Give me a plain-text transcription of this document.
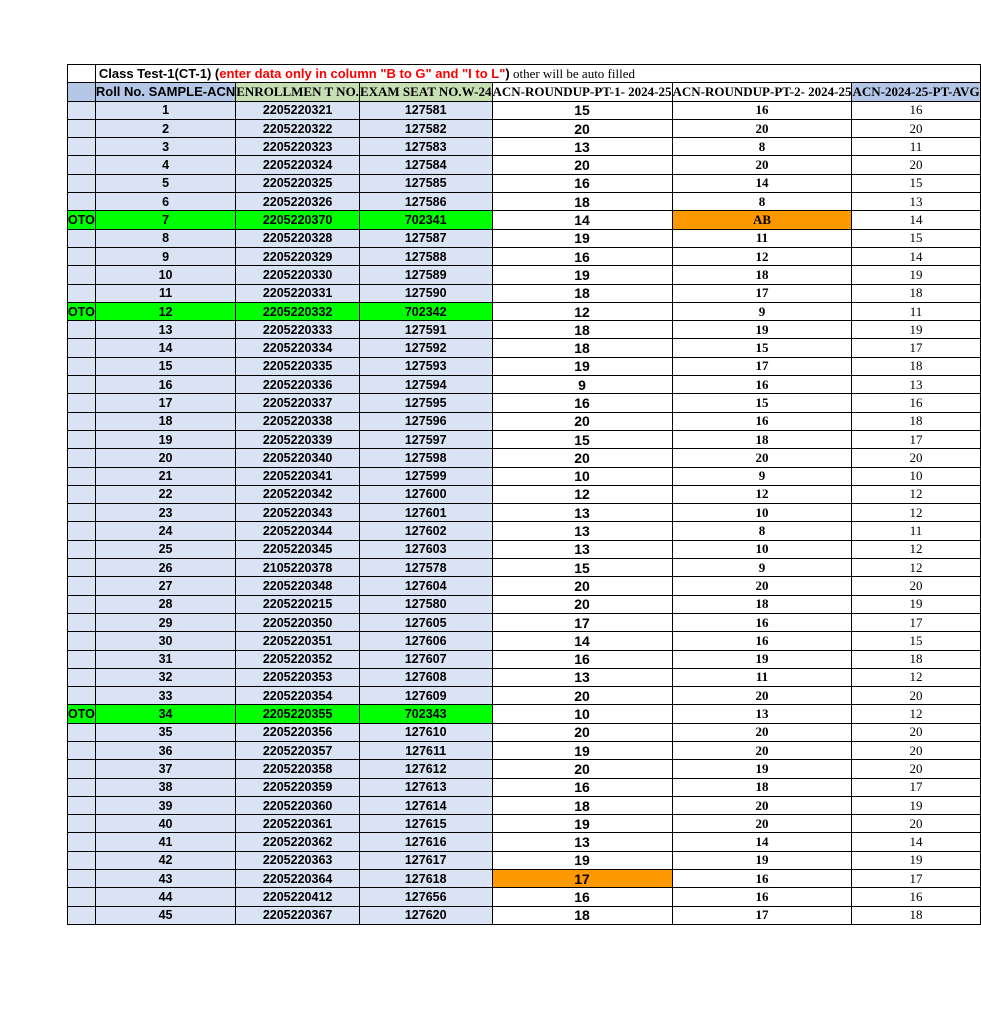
	Class Test-1(CT-1) (enter data only in column "B to G" and "I to L") other will be auto filled					
	Roll No. SAMPLE-ACN	ENROLLMEN T NO.	EXAM SEAT NO.W-24	ACN-ROUNDUP-PT-1- 2024-25	ACN-ROUNDUP-PT-2- 2024-25	ACN-2024-25-PT-AVG
	1	2205220321	127581	15	16	16
	2	2205220322	127582	20	20	20
	3	2205220323	127583	13	8	11
	4	2205220324	127584	20	20	20
	5	2205220325	127585	16	14	15
	6	2205220326	127586	18	8	13
OTO	7	2205220370	702341	14	AB	14
	8	2205220328	127587	19	11	15
	9	2205220329	127588	16	12	14
	10	2205220330	127589	19	18	19
	11	2205220331	127590	18	17	18
OTO	12	2205220332	702342	12	9	11
	13	2205220333	127591	18	19	19
	14	2205220334	127592	18	15	17
	15	2205220335	127593	19	17	18
	16	2205220336	127594	9	16	13
	17	2205220337	127595	16	15	16
	18	2205220338	127596	20	16	18
	19	2205220339	127597	15	18	17
	20	2205220340	127598	20	20	20
	21	2205220341	127599	10	9	10
	22	2205220342	127600	12	12	12
	23	2205220343	127601	13	10	12
	24	2205220344	127602	13	8	11
	25	2205220345	127603	13	10	12
	26	2105220378	127578	15	9	12
	27	2205220348	127604	20	20	20
	28	2205220215	127580	20	18	19
	29	2205220350	127605	17	16	17
	30	2205220351	127606	14	16	15
	31	2205220352	127607	16	19	18
	32	2205220353	127608	13	11	12
	33	2205220354	127609	20	20	20
OTO	34	2205220355	702343	10	13	12
	35	2205220356	127610	20	20	20
	36	2205220357	127611	19	20	20
	37	2205220358	127612	20	19	20
	38	2205220359	127613	16	18	17
	39	2205220360	127614	18	20	19
	40	2205220361	127615	19	20	20
	41	2205220362	127616	13	14	14
	42	2205220363	127617	19	19	19
	43	2205220364	127618	17	16	17
	44	2205220412	127656	16	16	16
	45	2205220367	127620	18	17	18
